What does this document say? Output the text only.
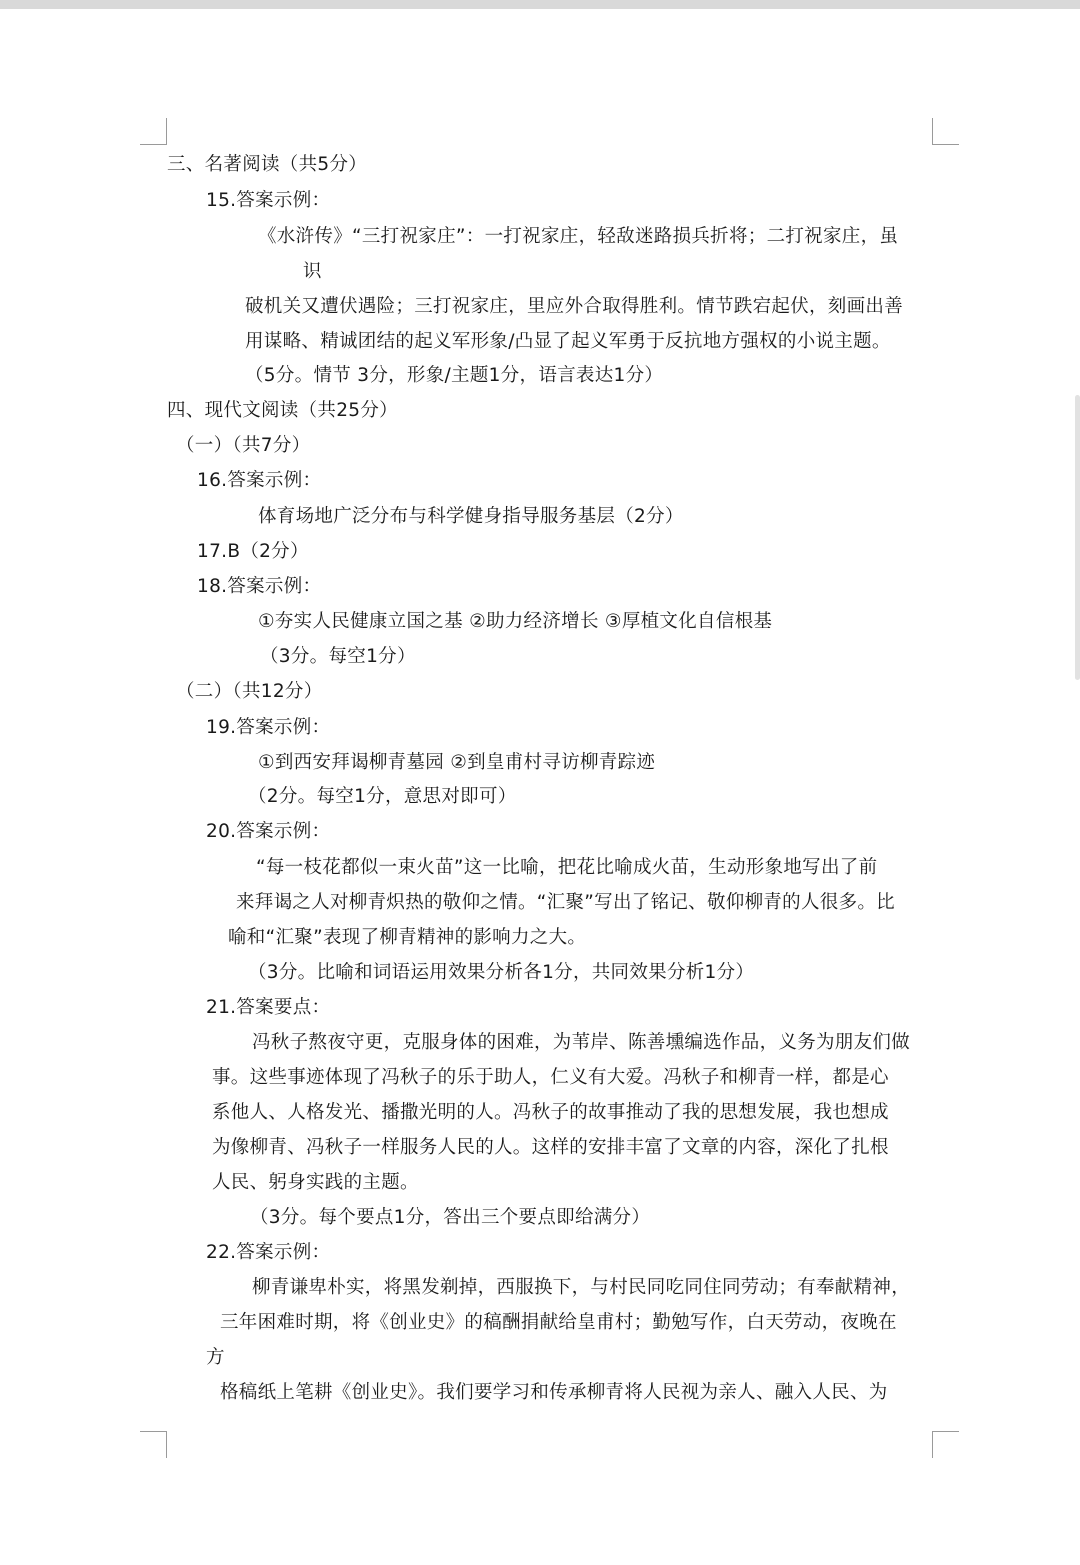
三、名著阅读（共5分）
15.答案示例：
《水浒传》“三打祝家庄”：一打祝家庄，轻敌迷路损兵折将；二打祝家庄，虽
识
破机关又遭伏遇险；三打祝家庄，里应外合取得胜利。情节跌宕起伏，刻画出善
用谋略、精诚团结的起义军形象/凸显了起义军勇于反抗地方强权的小说主题。
（5分。情节 3分，形象/主题1分，语言表达1分）
四、现代文阅读（共25分）
（一）（共7分）
16.答案示例：
体育场地广泛分布与科学健身指导服务基层（2分）
17.B（2分）
18.答案示例：
①夯实人民健康立国之基 ②助力经济增长 ③厚植文化自信根基
（3分。每空1分）
（二）（共12分）
19.答案示例：
①到西安拜谒柳青墓园 ②到皇甫村寻访柳青踪迹
（2分。每空1分，意思对即可）
20.答案示例：
“每一枝花都似一束火苗”这一比喻，把花比喻成火苗，生动形象地写出了前
来拜谒之人对柳青炽热的敬仰之情。“汇聚”写出了铭记、敬仰柳青的人很多。比
喻和“汇聚”表现了柳青精神的影响力之大。
（3分。比喻和词语运用效果分析各1分，共同效果分析1分）
21.答案要点：
冯秋子熬夜守更，克服身体的困难，为苇岸、陈善壎编选作品，义务为朋友们做
事。这些事迹体现了冯秋子的乐于助人，仁义有大爱。冯秋子和柳青一样，都是心
系他人、人格发光、播撒光明的人。冯秋子的故事推动了我的思想发展，我也想成
为像柳青、冯秋子一样服务人民的人。这样的安排丰富了文章的内容，深化了扎根
人民、躬身实践的主题。
（3分。每个要点1分，答出三个要点即给满分）
22.答案示例：
柳青谦卑朴实，将黑发剃掉，西服换下，与村民同吃同住同劳动；有奉献精神，
三年困难时期，将《创业史》的稿酬捐献给皇甫村；勤勉写作，白天劳动，夜晚在
方
格稿纸上笔耕《创业史》。我们要学习和传承柳青将人民视为亲人、融入人民、为
